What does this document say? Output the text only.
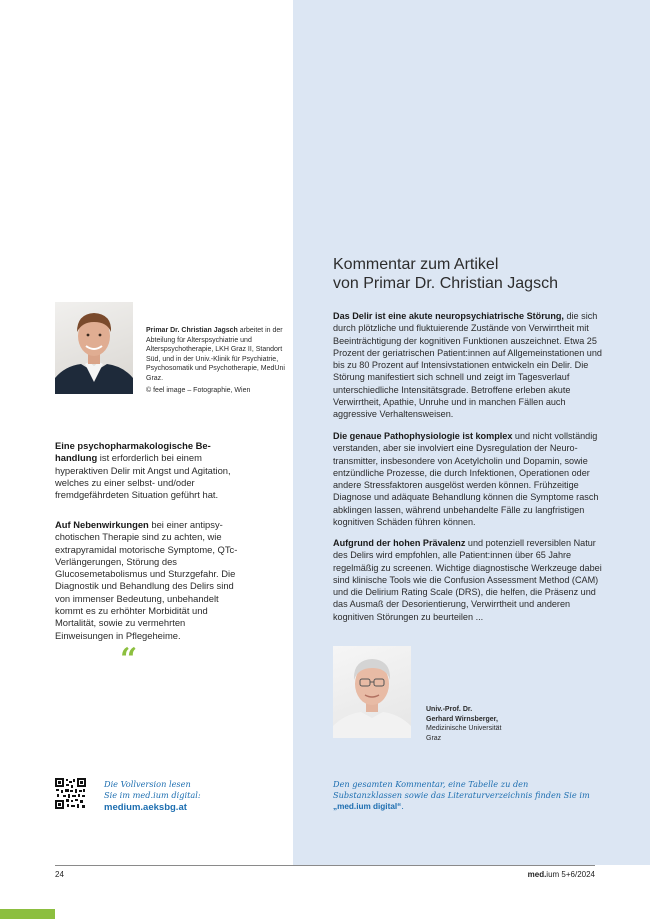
Kommentar zum Artikel
von Primar Dr. Christian Jagsch

Das Delir ist eine akute neuropsychiatrische Störung, die sich durch plötzliche und fluktuierende Zustände von Verwirrtheit mit Beeinträchtigung der kognitiven Funktionen auszeichnet. Etwa 25 Prozent der geriatrischen Patient:innen auf Allgemeinstationen und bis zu 80 Prozent auf Intensivstationen entwickeln ein Delir. Die Störung manifestiert sich schnell und zeigt im Tagesverlauf unterschiedliche Intensitätsgrade. Betroffene erleben akute Verwirrtheit, Apathie, Unruhe und in manchen Fällen auch aggressive Verhaltensweisen.

Die genaue Pathophysiologie ist komplex und nicht vollständig verstanden, aber sie involviert eine Dysregulation der Neuro-transmitter, insbesondere von Acetylcholin und Dopamin, sowie entzündliche Prozesse, die durch Infektionen, Operationen oder andere Stressfaktoren ausgelöst werden können. Frühzeitige Diagnose und adäquate Behandlung können die Symptome rasch abklingen lassen, während unbehandelte Fälle zu langfristigen kognitiven Schäden führen können.

Aufgrund der hohen Prävalenz und potenziell reversiblen Natur des Delirs wird empfohlen, alle Patient:innen über 65 Jahre regelmäßig zu screenen. Wichtige diagnostische Werkzeuge dabei sind klinische Tools wie die Confusion Assessment Method (CAM) und die Delirium Rating Scale (DRS), die helfen, die Präsenz und das Ausmaß der Desorientierung, Verwirrtheit und anderen kognitiven Störungen zu beurteilen ...

Primar Dr. Christian Jagsch arbeitet in der Abteilung für Alterspsychiatrie und Alterspsychotherapie, LKH Graz II, Standort Süd, und in der Univ.-Klinik für Psychiatrie, Psychosomatik und Psychotherapie, MedUni Graz.

© feel image – Fotographie, Wien

Eine psychopharmakologische Be-handlung ist erforderlich bei einem hyperaktiven Delir mit Angst und Agitation, welches zu einer selbst- und/oder fremdgefährdeten Situation geführt hat.

Auf Nebenwirkungen bei einer antipsy-chotischen Therapie sind zu achten, wie extrapyramidal motorische Symptome, QTc-Verlängerungen, Störung des Glucosemetabolismus und Sturzgefahr. Die Diagnostik und Behandlung des Delirs sind von immenser Bedeutung, unbehandelt kommt es zu erhöhter Morbidität und Mortalität, sowie zu vermehrten Einweisungen in Pflegeheime.

“
Univ.-Prof. Dr.
Gerhard Wirnsberger,
Medizinische Universität
Graz
Die Vollversion lesen
Sie im med.ium digital:
medium.aeksbg.at

Den gesamten Kommentar, eine Tabelle zu den Substanzklassen sowie das Literaturverzeichnis finden Sie im „med.ium digital“.

24	med.ium 5+6/2024
